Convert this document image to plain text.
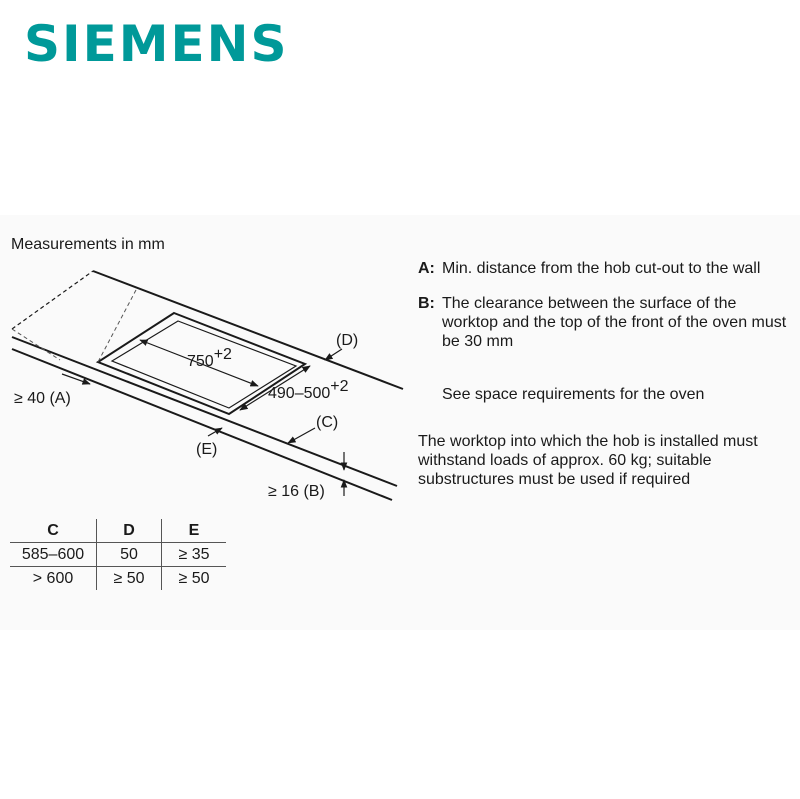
SIEMENS
Measurements in mm
750+2
490–500+2
≥ 40 (A)
(D)
(C)
(E)
≥ 16 (B)
A: Min. distance from the hob cut-out to the wall
B: The clearance between the surface of the worktop and the top of the front of the oven must be 30 mm
See space requirements for the oven
The worktop into which the hob is installed must withstand loads of approx. 60 kg; suitable substructures must be used if required
C	D	E
585–600	50	≥ 35
> 600	≥ 50	≥ 50
